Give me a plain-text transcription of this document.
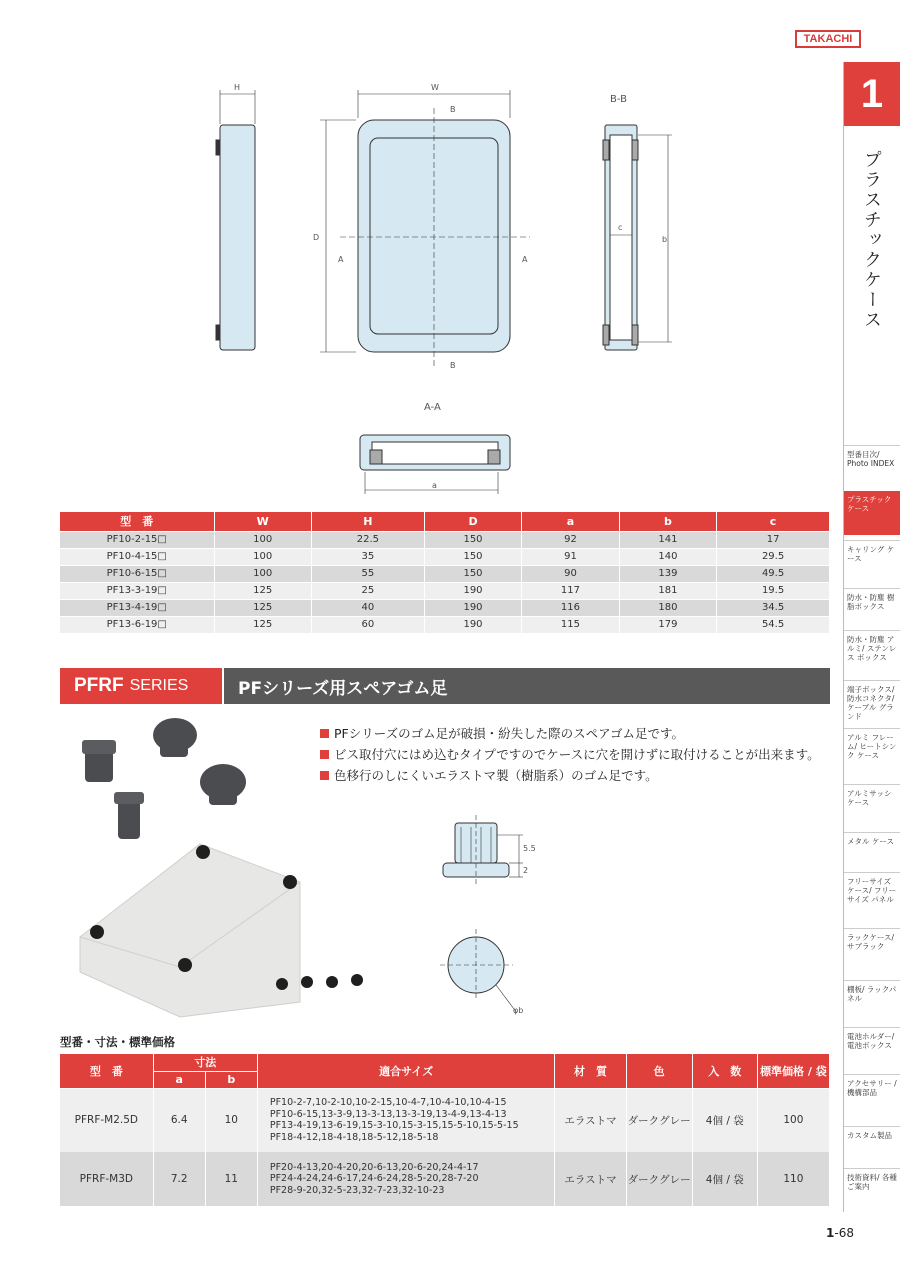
TAKACHI
1
プラスチックケース
型番目次/ Photo INDEX
プラスチック ケース
キャリング ケース
防水・防塵 樹脂ボックス
防水・防塵 アルミ/ ステンレス ボックス
端子ボックス/ 防水コネクタ/ ケーブル グランド
アルミ フレーム/ ヒートシンク ケース
アルミサッシ ケース
メタル ケース
フリーサイズ ケース/ フリーサイズ パネル
ラックケース/ サブラック
棚板/ ラックパネル
電池ホルダー/ 電池ボックス
アクセサリー /機構部品
カスタム製品
技術資料/ 各種ご案内
H	W
D
B
B
A	A
B-B
A-A
b
c
a
型　番	W	H	D	a	b	c
PF10-2-15□	100	22.5	150	92	141	17
PF10-4-15□	100	35	150	91	140	29.5
PF10-6-15□	100	55	150	90	139	49.5
PF13-3-19□	125	25	190	117	181	19.5
PF13-4-19□	125	40	190	116	180	34.5
PF13-6-19□	125	60	190	115	179	54.5
PFRF SERIES	PFシリーズ用スペアゴム足
PFシリーズのゴム足が破損・紛失した際のスペアゴム足です。
ビス取付穴にはめ込むタイプですのでケースに穴を開けずに取付けることが出来ます。
色移行のしにくいエラストマ製（樹脂系）のゴム足です。
5.5
2
φb
型番・寸法・標準価格
型　番	寸法		適合サイズ	材　質	色	入　数	標準価格 / 袋
	a	b					
PFRF-M2.5D	6.4	10	PF10-2-7,10-2-10,10-2-15,10-4-7,10-4-10,10-4-15
PF10-6-15,13-3-9,13-3-13,13-3-19,13-4-9,13-4-13
PF13-4-19,13-6-19,15-3-10,15-3-15,15-5-10,15-5-15
PF18-4-12,18-4-18,18-5-12,18-5-18	エラストマ	ダークグレー	4個 / 袋	100
PFRF-M3D	7.2	11	PF20-4-13,20-4-20,20-6-13,20-6-20,24-4-17
PF24-4-24,24-6-17,24-6-24,28-5-20,28-7-20
PF28-9-20,32-5-23,32-7-23,32-10-23	エラストマ	ダークグレー	4個 / 袋	110
1-68
